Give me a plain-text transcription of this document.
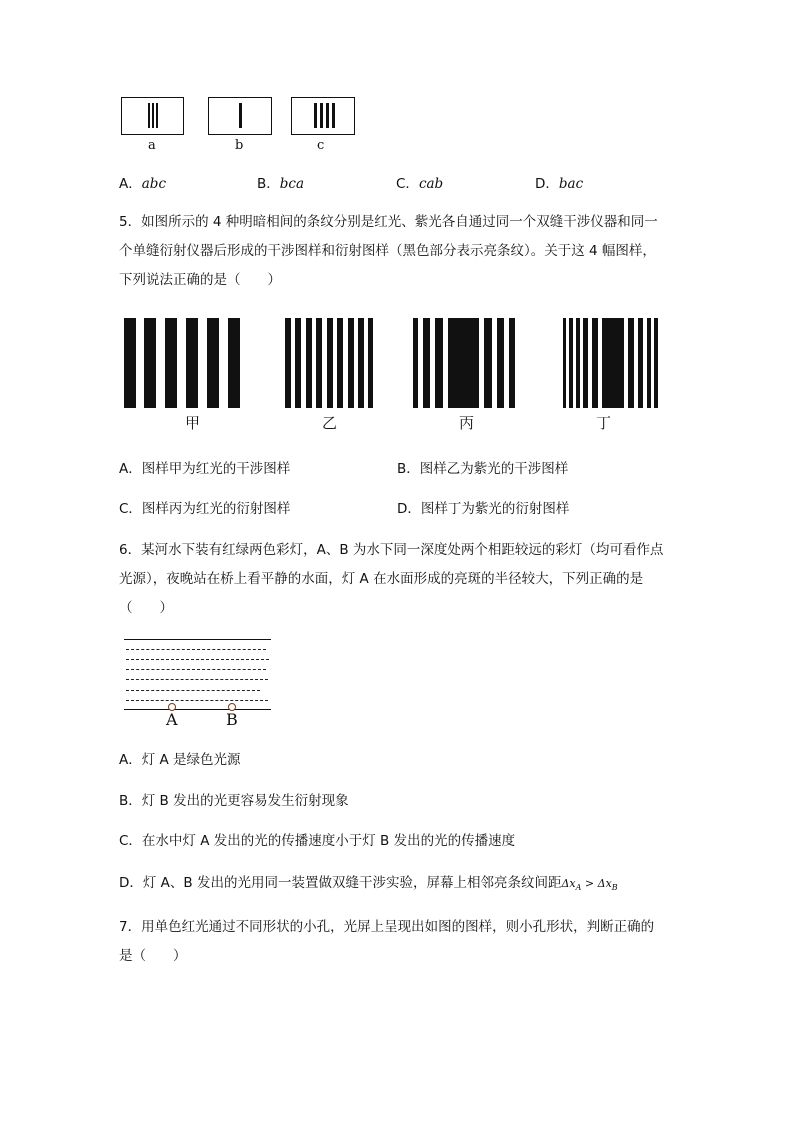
a	b	c
A．abc	B．bca	C．cab	D．bac
5．如图所示的 4 种明暗相间的条纹分别是红光、紫光各自通过同一个双缝干涉仪器和同一
个单缝衍射仪器后形成的干涉图样和衍射图样（黑色部分表示亮条纹）。关于这 4 幅图样，
下列说法正确的是（　　）
甲	乙	丙	丁
A．图样甲为红光的干涉图样	B．图样乙为紫光的干涉图样
C．图样丙为红光的衍射图样	D．图样丁为紫光的衍射图样
6．某河水下装有红绿两色彩灯，A、B 为水下同一深度处两个相距较远的彩灯（均可看作点
光源），夜晚站在桥上看平静的水面，灯 A 在水面形成的亮斑的半径较大，下列正确的是
（　　）
A	B
A．灯 A 是绿色光源
B．灯 B 发出的光更容易发生衍射现象
C．在水中灯 A 发出的光的传播速度小于灯 B 发出的光的传播速度
D．灯 A、B 发出的光用同一装置做双缝干涉实验，屏幕上相邻亮条纹间距$\Delta x_A > \Delta x_B$
7．用单色红光通过不同形状的小孔，光屏上呈现出如图的图样，则小孔形状，判断正确的
是（　　）
